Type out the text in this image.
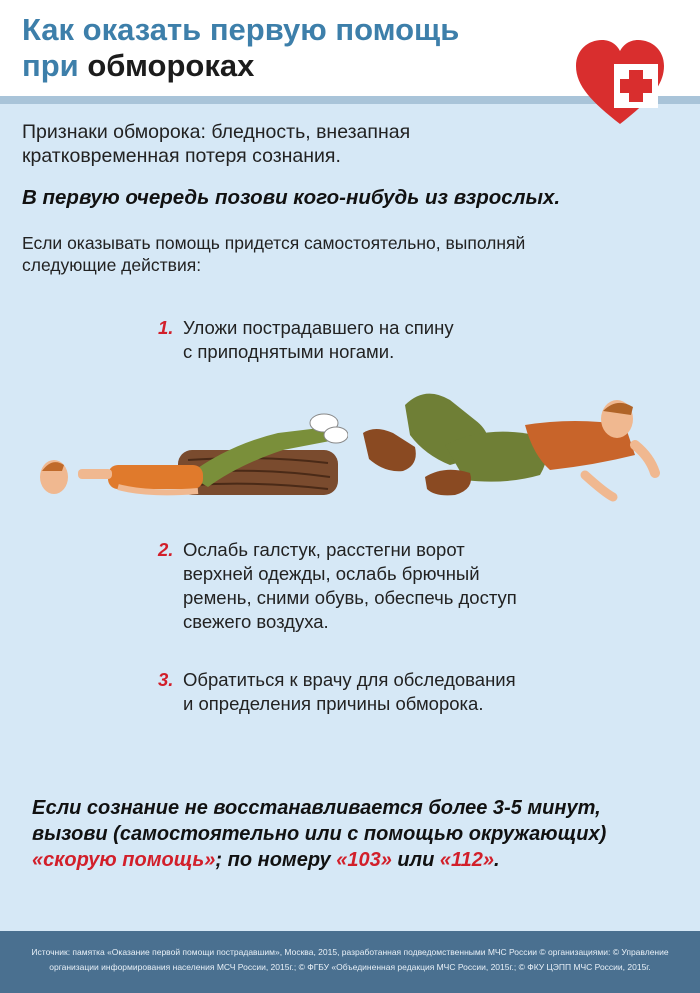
Как оказать первую помощь
при обмороках

Признаки обморока: бледность, внезапная кратковременная потеря сознания.

В первую очередь позови кого-нибудь из взрослых.

Если оказывать помощь придется самостоятельно, выполняй следующие действия:

1. Уложи пострадавшего на спину
с приподнятыми ногами.

2. Ослабь галстук, расстегни ворот
верхней одежды, ослабь брючный
ремень, сними обувь, обеспечь доступ
свежего воздуха.

3. Обратиться к врачу для обследования
и определения причины обморока.

Если сознание не восстанавливается более 3-5 минут,
вызови (самостоятельно или с помощью окружающих)
«скорую помощь»; по номеру «103» или «112».

Источник: памятка «Оказание первой помощи пострадавшим», Москва, 2015, разработанная подведомственными МЧС России © организациями: © Управление
организации информирования населения МСЧ России, 2015г.; © ФГБУ «Объединенная редакция МЧС России, 2015г.; © ФКУ ЦЭПП МЧС России, 2015г.
